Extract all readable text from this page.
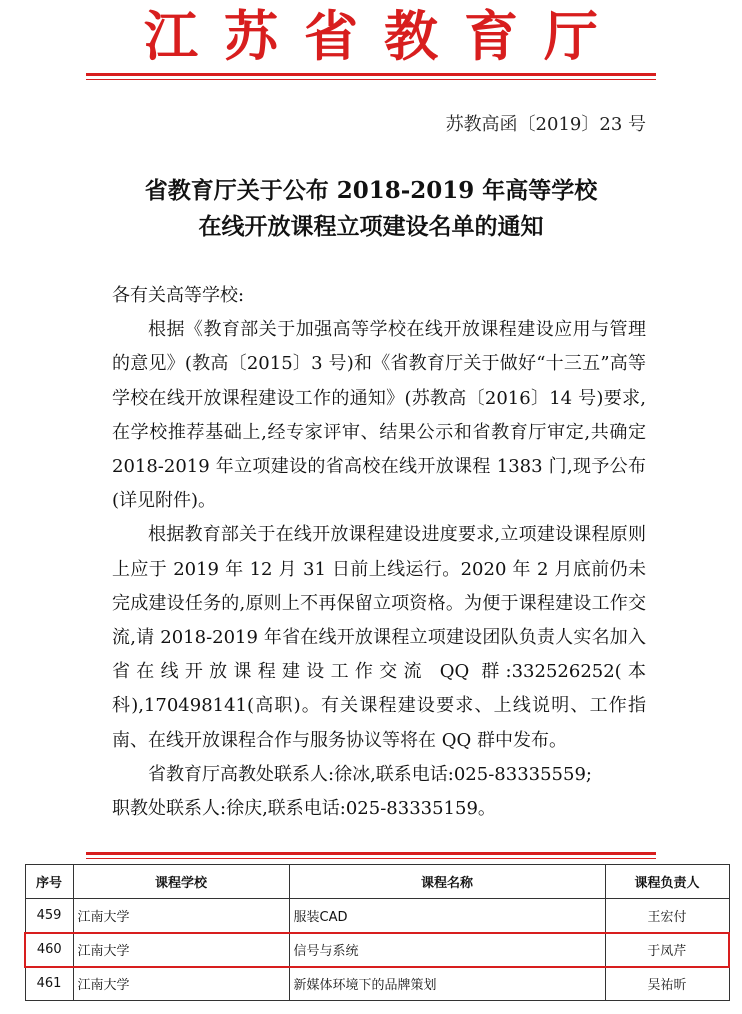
江苏省教育厅
苏教高函〔2019〕23 号
省教育厅关于公布 2018-2019 年高等学校
在线开放课程立项建设名单的通知

各有关高等学校:

根据《教育部关于加强高等学校在线开放课程建设应用与管理的意见》(教高〔2015〕3 号)和《省教育厅关于做好“十三五”高等学校在线开放课程建设工作的通知》(苏教高〔2016〕14 号)要求,在学校推荐基础上,经专家评审、结果公示和省教育厅审定,共确定 2018-2019 年立项建设的省高校在线开放课程 1383 门,现予公布(详见附件)。

根据教育部关于在线开放课程建设进度要求,立项建设课程原则上应于 2019 年 12 月 31 日前上线运行。2020 年 2 月底前仍未完成建设任务的,原则上不再保留立项资格。为便于课程建设工作交流,请 2018-2019 年省在线开放课程立项建设团队负责人实名加入省在线开放课程建设工作交流 QQ 群:332526252(本科),170498141(高职)。有关课程建设要求、上线说明、工作指南、在线开放课程合作与服务协议等将在 QQ 群中发布。

省教育厅高教处联系人:徐冰,联系电话:025-83335559;

职教处联系人:徐庆,联系电话:025-83335159。

序号	课程学校	课程名称	课程负责人
459	江南大学	服装CAD	王宏付
460	江南大学	信号与系统	于凤芹
461	江南大学	新媒体环境下的品牌策划	吴祐昕
